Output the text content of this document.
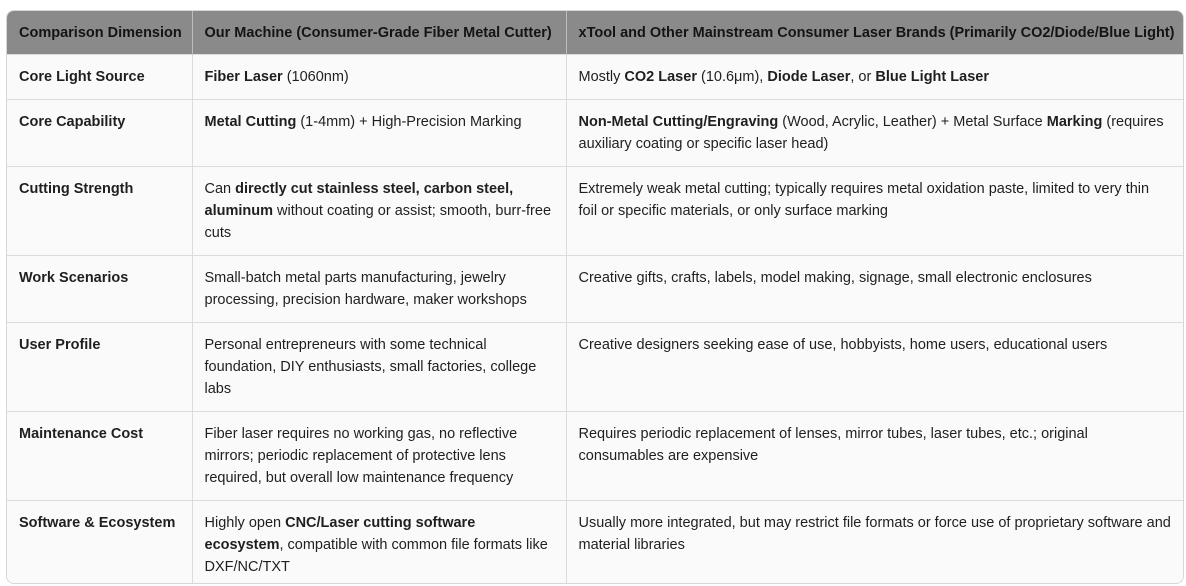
Comparison Dimension	Our Machine (Consumer-Grade Fiber Metal Cutter)	xTool and Other Mainstream Consumer Laser Brands (Primarily CO2/Diode/Blue Light)
Core Light Source	Fiber Laser (1060nm)	Mostly CO2 Laser (10.6μm), Diode Laser, or Blue Light Laser
Core Capability	Metal Cutting (1-4mm) + High-Precision Marking	Non-Metal Cutting/Engraving (Wood, Acrylic, Leather) + Metal Surface Marking (requires auxiliary coating or specific laser head)
Cutting Strength	Can directly cut stainless steel, carbon steel, aluminum without coating or assist; smooth, burr-free cuts	Extremely weak metal cutting; typically requires metal oxidation paste, limited to very thin foil or specific materials, or only surface marking
Work Scenarios	Small-batch metal parts manufacturing, jewelry processing, precision hardware, maker workshops	Creative gifts, crafts, labels, model making, signage, small electronic enclosures
User Profile	Personal entrepreneurs with some technical foundation, DIY enthusiasts, small factories, college labs	Creative designers seeking ease of use, hobbyists, home users, educational users
Maintenance Cost	Fiber laser requires no working gas, no reflective mirrors; periodic replacement of protective lens required, but overall low maintenance frequency	Requires periodic replacement of lenses, mirror tubes, laser tubes, etc.; original consumables are expensive
Software & Ecosystem	Highly open CNC/Laser cutting software ecosystem, compatible with common file formats like DXF/NC/TXT	Usually more integrated, but may restrict file formats or force use of proprietary software and material libraries
